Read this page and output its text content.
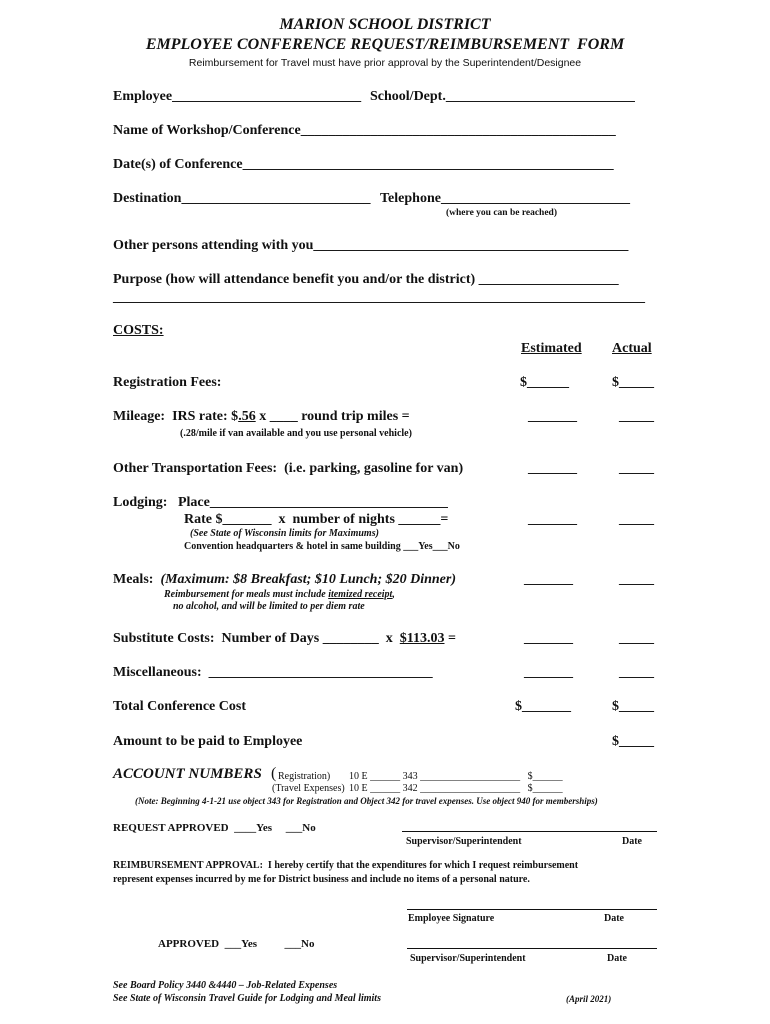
MARION SCHOOL DISTRICT
EMPLOYEE CONFERENCE REQUEST/REIMBURSEMENT  FORM
Reimbursement for Travel must have prior approval by the Superintendent/Designee
Employee___________________________ School/Dept.___________________________
Name of Workshop/Conference_____________________________________________
Date(s) of Conference_____________________________________________________
Destination___________________________ Telephone___________________________
(where you can be reached)
Other persons attending with you_____________________________________________
Purpose (how will attendance benefit you and/or the district) ____________________
____________________________________________________________________________
COSTS:
Estimated Actual
Registration Fees:	$______	$_____
Mileage:  IRS rate: $.56 x ____ round trip miles =
(.28/mile if van available and you use personal vehicle)
_______	_____
Other Transportation Fees:  (i.e. parking, gasoline for van)	_______	_____
Lodging:   Place__________________________________
Rate $_______  x  number of nights ______=
(See State of Wisconsin limits for Maximums)
Convention headquarters & hotel in same building ___Yes___No
_______	_____
Meals:  (Maximum: $8 Breakfast; $10 Lunch; $20 Dinner)
Reimbursement for meals must include itemized receipt,
no alcohol, and will be limited to per diem rate
_______	_____
Substitute Costs:  Number of Days ________  x  $113.03 =	_______	_____
Miscellaneous:  ________________________________	_______	_____
Total Conference Cost	$_______	$_____
Amount to be paid to Employee	$_____
ACCOUNT NUMBERS ( Registration) 10 E ______ 343 ____________________   $______
(Travel Expenses) 10 E ______ 342 ____________________   $______
(Note: Beginning 4-1-21 use object 343 for Registration and Object 342 for travel expenses. Use object 940 for memberships)
REQUEST APPROVED  ____Yes     ___No
Supervisor/Superintendent	Date
REIMBURSEMENT APPROVAL:  I hereby certify that the expenditures for which I request reimbursement
represent expenses incurred by me for District business and include no items of a personal nature.
Employee Signature	Date
APPROVED  ___Yes          ___No
Supervisor/Superintendent	Date
See Board Policy 3440 &4440 – Job-Related Expenses
See State of Wisconsin Travel Guide for Lodging and Meal limits	(April 2021)
